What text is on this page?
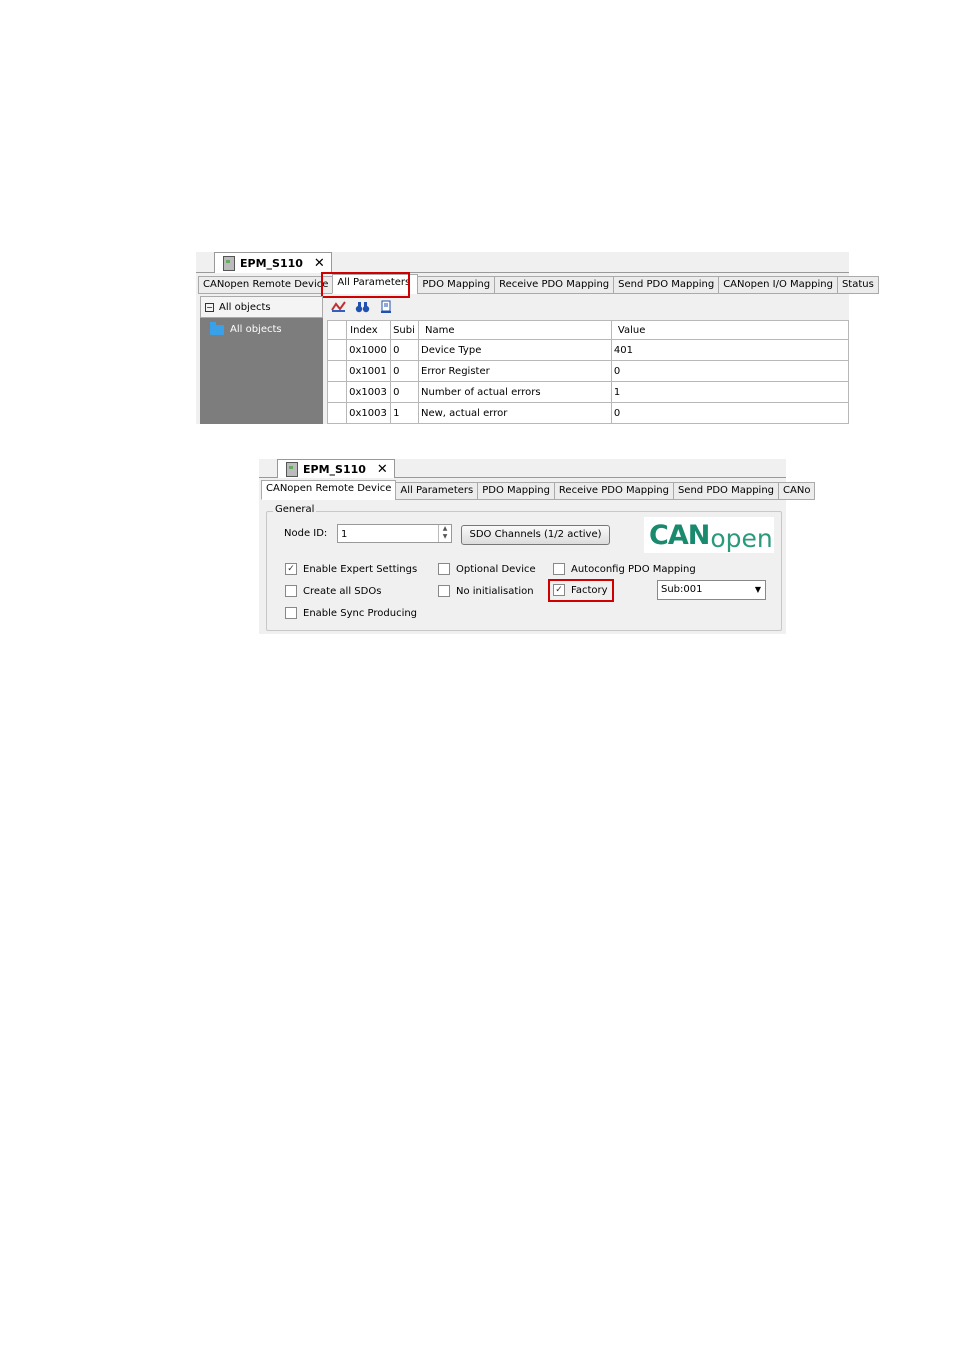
EPM_S110 ✕
CANopen Remote Device All Parameters	PDO Mapping Receive PDO Mapping Send PDO Mapping CANopen I/O Mapping Status
− All objects
All objects
		Index	Subi	Name	Value
	0x1000	0	Device Type	401
	0x1001	0	Error Register	0
	0x1003	0	Number of actual errors	1
	0x1003	1	New, actual error	0
EPM_S110 ✕
CANopen Remote Device All Parameters PDO Mapping Receive PDO Mapping Send PDO Mapping CANo
General
Node ID:	1
▲
▼	SDO Channels (1/2 active)	CAN open
✓ Enable Expert Settings
Create all SDOs
Enable Sync Producing
Optional Device
No initialisation
Autoconfig PDO Mapping
✓ Factory	Sub:001	▼
